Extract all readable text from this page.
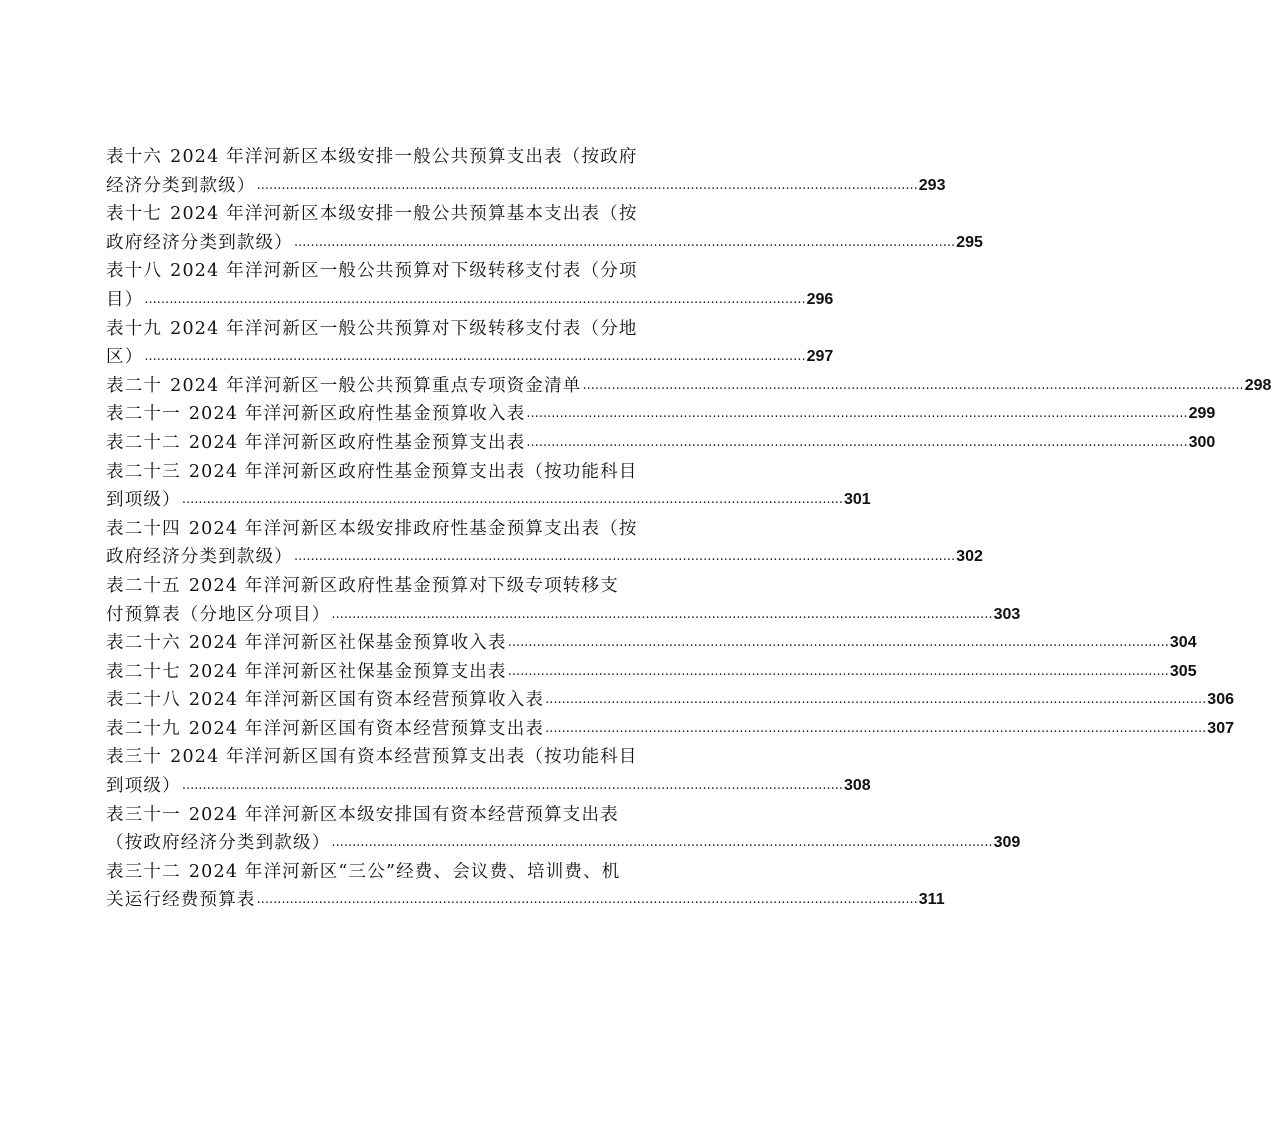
表十六 2024 年洋河新区本级安排一般公共预算支出表（按政府
经济分类到款级） ................................................................................................................................................................ 293
表十七 2024 年洋河新区本级安排一般公共预算基本支出表（按
政府经济分类到款级） ................................................................................................................................................................ 295
表十八 2024 年洋河新区一般公共预算对下级转移支付表（分项
目） ................................................................................................................................................................ 296
表十九 2024 年洋河新区一般公共预算对下级转移支付表（分地
区） ................................................................................................................................................................ 297
表二十 2024 年洋河新区一般公共预算重点专项资金清单 ................................................................................................................................................................ 298
表二十一 2024 年洋河新区政府性基金预算收入表 ................................................................................................................................................................ 299
表二十二 2024 年洋河新区政府性基金预算支出表 ................................................................................................................................................................ 300
表二十三 2024 年洋河新区政府性基金预算支出表（按功能科目
到项级） ................................................................................................................................................................ 301
表二十四 2024 年洋河新区本级安排政府性基金预算支出表（按
政府经济分类到款级） ................................................................................................................................................................ 302
表二十五 2024 年洋河新区政府性基金预算对下级专项转移支
付预算表（分地区分项目） ................................................................................................................................................................ 303
表二十六 2024 年洋河新区社保基金预算收入表 ................................................................................................................................................................ 304
表二十七 2024 年洋河新区社保基金预算支出表 ................................................................................................................................................................ 305
表二十八 2024 年洋河新区国有资本经营预算收入表 ................................................................................................................................................................ 306
表二十九 2024 年洋河新区国有资本经营预算支出表 ................................................................................................................................................................ 307
表三十 2024 年洋河新区国有资本经营预算支出表（按功能科目
到项级） ................................................................................................................................................................ 308
表三十一 2024 年洋河新区本级安排国有资本经营预算支出表
（按政府经济分类到款级） ................................................................................................................................................................ 309
表三十二 2024 年洋河新区“三公”经费、会议费、培训费、机
关运行经费预算表 ................................................................................................................................................................ 311
